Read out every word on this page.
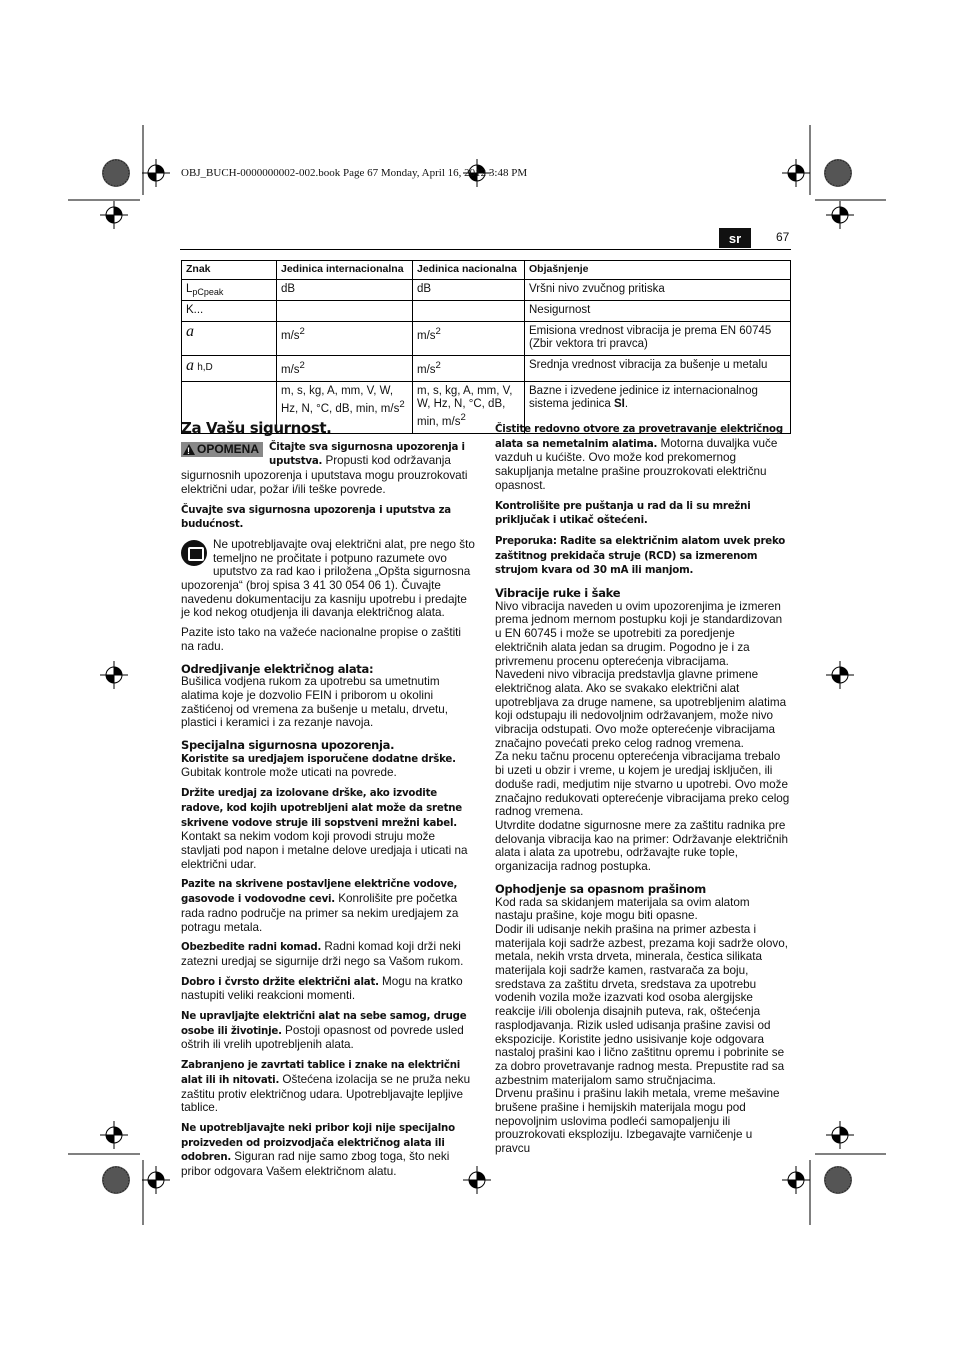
OBJ_BUCH-0000000002-002.book Page 67 Monday, April 16, 2012 3:48 PM
sr	67
Znak	Jedinica internacionalna	Jedinica nacionalna	Objašnjenje
$L_{pCpeak}$	dB	dB	Vršni nivo zvučnog pritiska
K...			Nesigurnost
a	$m/s^2$	$m/s^2$	Emisiona vrednost vibracija je prema EN 60745 (Zbir vektora tri pravca)
a h,D	$m/s^2$	$m/s^2$	Srednja vrednost vibracija za bušenje u metalu
	m, s, kg, A, mm, V, W, Hz, N, °C, dB, min, $m/s^2$	m, s, kg, A, mm, V, W, Hz, N, °C, dB, min, $m/s^2$	Bazne i izvedene jedinice iz internacionalnog sistema jedinica SI.
Za Vašu sigurnost.

! OPOMENA Čitajte sva sigurnosna upozorenja i uputstva. Propusti kod održavanja sigurnosnih upozorenja i uputstava mogu prouzrokovati električni udar, požar i/ili teške povrede.

Čuvajte sva sigurnosna upozorenja i uputstva za budućnost.

Ne upotrebljavajte ovaj električni alat, pre nego što temeljno ne pročitate i potpuno razumete ovo uputstvo za rad kao i priložena „Opšta sigurnosna upozorenja“ (broj spisa 3 41 30 054 06 1). Čuvajte navedenu dokumentaciju za kasniju upotrebu i predajte je kod nekog otudjenja ili davanja električnog alata.

Pazite isto tako na važeće nacionalne propise o zaštiti na radu.

Odredjivanje električnog alata:

Bušilica vodjena rukom za upotrebu sa umetnutim alatima koje je dozvolio FEIN i priborom u okolini zaštićenoj od vremena za bušenje u metalu, drvetu, plastici i keramici i za rezanje navoja.

Specijalna sigurnosna upozorenja.

Koristite sa uredjajem isporučene dodatne drške. Gubitak kontrole može uticati na povrede.

Držite uredjaj za izolovane drške, ako izvodite radove, kod kojih upotrebljeni alat može da sretne skrivene vodove struje ili sopstveni mrežni kabel. Kontakt sa nekim vodom koji provodi struju može stavljati pod napon i metalne delove uredjaja i uticati na električni udar.

Pazite na skrivene postavljene električne vodove, gasovode i vodovodne cevi. Konrolišite pre početka rada radno područje na primer sa nekim uredjajem za potragu metala.

Obezbedite radni komad. Radni komad koji drži neki zatezni uredjaj se sigurnije drži nego sa Vašom rukom.

Dobro i čvrsto držite električni alat. Mogu na kratko nastupiti veliki reakcioni momenti.

Ne upravljajte električni alat na sebe samog, druge osobe ili životinje. Postoji opasnost od povrede usled oštrih ili vrelih upotrebljenih alata.

Zabranjeno je zavrtati tablice i znake na električni alat ili ih nitovati. Oštećena izolacija se ne pruža neku zaštitu protiv električnog udara. Upotrebljavajte lepljive tablice.

Ne upotrebljavajte neki pribor koji nije specijalno proizveden od proizvodjača električnog alata ili odobren. Siguran rad nije samo zbog toga, što neki pribor odgovara Vašem električnom alatu.

Čistite redovno otvore za provetravanje električnog alata sa nemetalnim alatima. Motorna duvaljka vuče vazduh u kućište. Ovo može kod prekomernog sakupljanja metalne prašine prouzrokovati električnu opasnost.

Kontrolišite pre puštanja u rad da li su mrežni priključak i utikač oštećeni.

Preporuka: Radite sa električnim alatom uvek preko zaštitnog prekidača struje (RCD) sa izmerenom strujom kvara od 30 mA ili manjom.

Vibracije ruke i šake

Nivo vibracija naveden u ovim upozorenjima je izmeren prema jednom mernom postupku koji je standardizovan u EN 60745 i može se upotrebiti za poredjenje električnih alata jedan sa drugim. Pogodno je i za privremenu procenu opterećenja vibracijama.

Navedeni nivo vibracija predstavlja glavne primene električnog alata. Ako se svakako električni alat upotrebljava za druge namene, sa upotrebljenim alatima koji odstupaju ili nedovoljnim održavanjem, može nivo vibracija odstupati. Ovo može opterećenje vibracijama značajno povećati preko celog radnog vremena.

Za neku tačnu procenu opterećenja vibracijama trebalo bi uzeti u obzir i vreme, u kojem je uredjaj isključen, ili doduše radi, medjutim nije stvarno u upotrebi. Ovo može značajno redukovati opterećenje vibracijama preko celog radnog vremena.

Utvrdite dodatne sigurnosne mere za zaštitu radnika pre delovanja vibracija kao na primer: Održavanje električnih alata i alata za upotrebu, održavajte ruke tople, organizacija radnog postupka.

Ophodjenje sa opasnom prašinom

Kod rada sa skidanjem materijala sa ovim alatom nastaju prašine, koje mogu biti opasne.

Dodir ili udisanje nekih prašina na primer azbesta i materijala koji sadrže azbest, prezama koji sadrže olovo, metala, nekih vrsta drveta, minerala, čestica silikata materijala koji sadrže kamen, rastvarača za boju, sredstava za zaštitu drveta, sredstava za upotrebu vodenih vozila može izazvati kod osoba alergijske reakcije i/ili obolenja disajnih puteva, rak, oštećenja rasplodjavanja. Rizik usled udisanja prašine zavisi od ekspozicije. Koristite jedno usisivanje koje odgovara nastaloj prašini kao i lično zaštitnu opremu i pobrinite se za dobro provetravanje radnog mesta. Prepustite rad sa azbestnim materijalom samo stručnjacima.

Drvenu prašinu i prašinu lakih metala, vreme mešavine brušene prašine i hemijskih materijala mogu pod nepovoljnim uslovima podleći samopaljenju ili prouzrokovati eksploziju. Izbegavajte varničenje u pravcu
